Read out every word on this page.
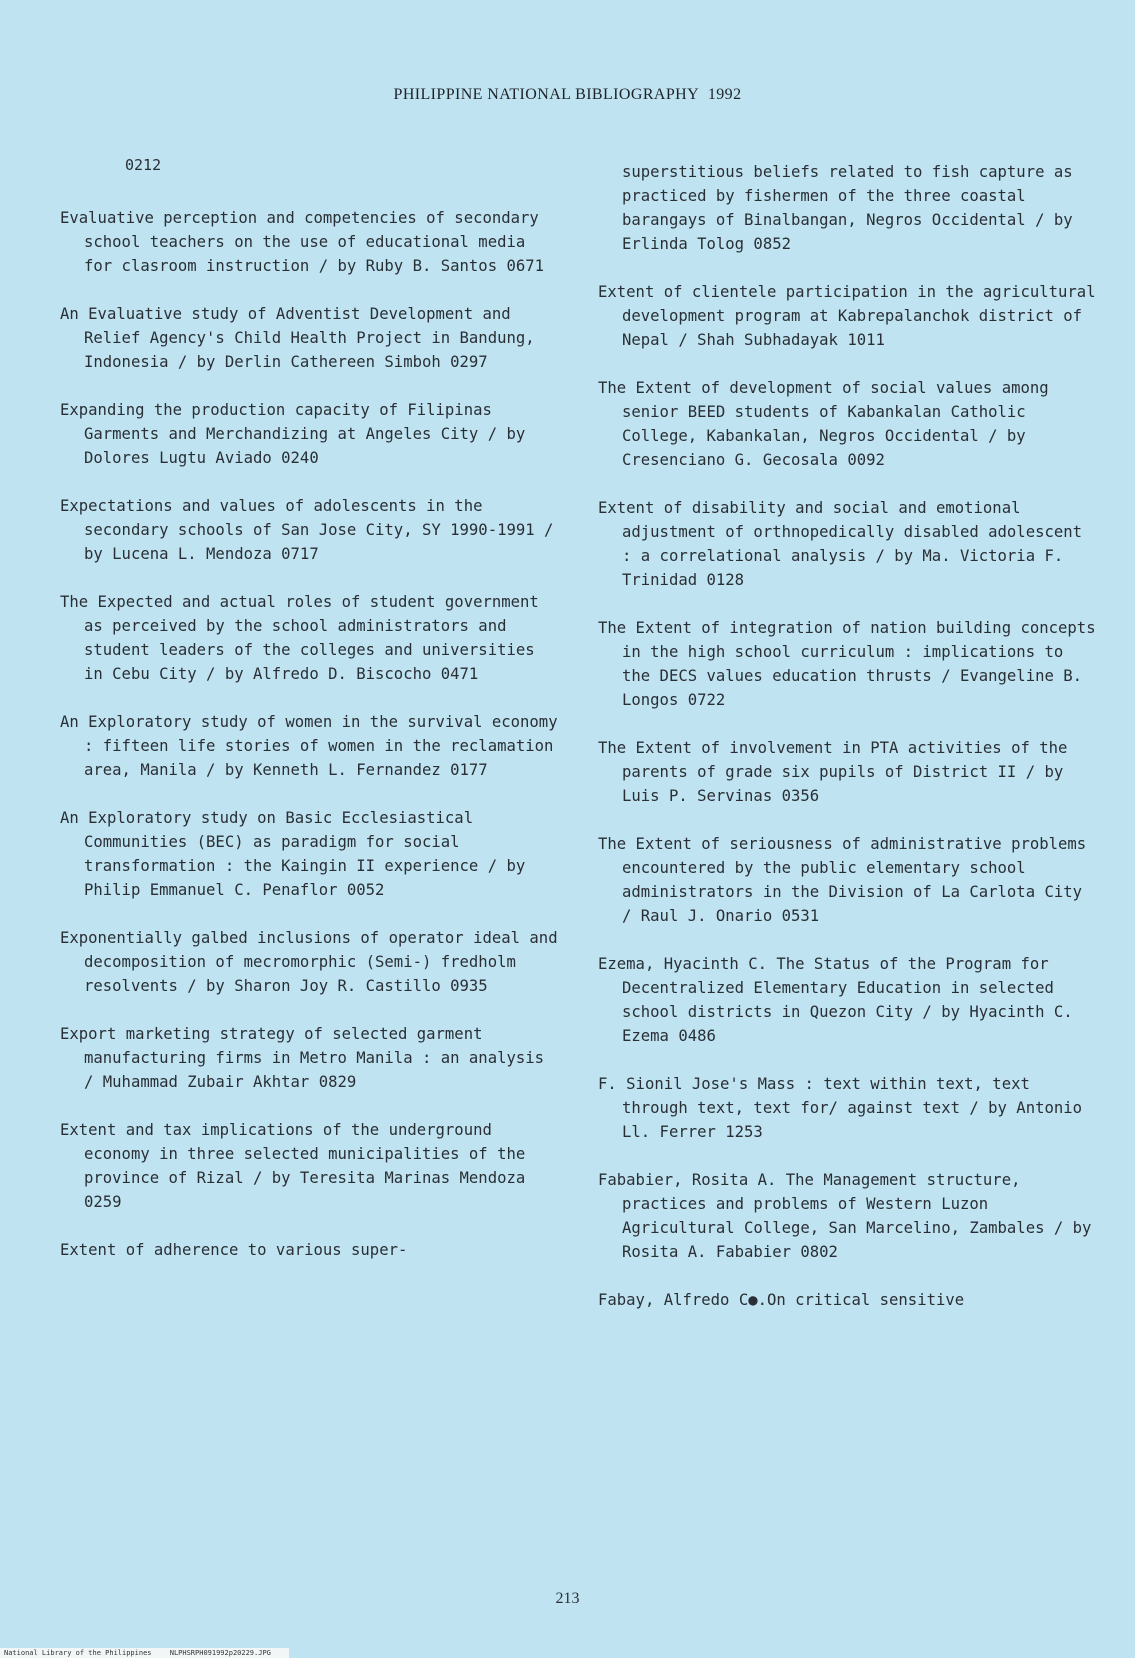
PHILIPPINE NATIONAL BIBLIOGRAPHY 1992
0212

Evaluative perception and competencies of secondary school teachers on the use of educational media for clasroom instruction / by Ruby B. Santos 0671

An Evaluative study of Adventist Development and Relief Agency's Child Health Project in Bandung, Indonesia / by Derlin Cathereen Simboh 0297

Expanding the production capacity of Filipinas Garments and Merchandizing at Angeles City / by Dolores Lugtu Aviado 0240

Expectations and values of adolescents in the secondary schools of San Jose City, SY 1990-1991 / by Lucena L. Mendoza 0717

The Expected and actual roles of student government as perceived by the school administrators and student leaders of the colleges and universities in Cebu City / by Alfredo D. Biscocho 0471

An Exploratory study of women in the survival economy : fifteen life stories of women in the reclamation area, Manila / by Kenneth L. Fernandez 0177

An Exploratory study on Basic Ecclesiastical Communities (BEC) as paradigm for social transformation : the Kaingin II experience / by Philip Emmanuel C. Penaflor 0052

Exponentially galbed inclusions of operator ideal and decomposition of mecromorphic (Semi-) fredholm resolvents / by Sharon Joy R. Castillo 0935

Export marketing strategy of selected garment manufacturing firms in Metro Manila : an analysis / Muhammad Zubair Akhtar 0829

Extent and tax implications of the underground economy in three selected municipalities of the province of Rizal / by Teresita Marinas Mendoza 0259

Extent of adherence to various super-

superstitious beliefs related to fish capture as practiced by fishermen of the three coastal barangays of Binalbangan, Negros Occidental / by Erlinda Tolog 0852

Extent of clientele participation in the agricultural development program at Kabrepalanchok district of Nepal / Shah Subhadayak 1011

The Extent of development of social values among senior BEED students of Kabankalan Catholic College, Kabankalan, Negros Occidental / by Cresenciano G. Gecosala 0092

Extent of disability and social and emotional adjustment of orthnopedically disabled adolescent : a correlational analysis / by Ma. Victoria F. Trinidad 0128

The Extent of integration of nation building concepts in the high school curriculum : implications to the DECS values education thrusts / Evangeline B. Longos 0722

The Extent of involvement in PTA activities of the parents of grade six pupils of District II / by Luis P. Servinas 0356

The Extent of seriousness of administrative problems encountered by the public elementary school administrators in the Division of La Carlota City / Raul J. Onario 0531

Ezema, Hyacinth C. The Status of the Program for Decentralized Elementary Education in selected school districts in Quezon City / by Hyacinth C. Ezema 0486

F. Sionil Jose's Mass : text within text, text through text, text for/ against text / by Antonio Ll. Ferrer 1253

Fababier, Rosita A. The Management structure, practices and problems of Western Luzon Agricultural College, San Marcelino, Zambales / by Rosita A. Fababier 0802

Fabay, Alfredo C●.On critical sensitive

213
National Library of the Philippines	NLPHSRPH091992p20229.JPG
